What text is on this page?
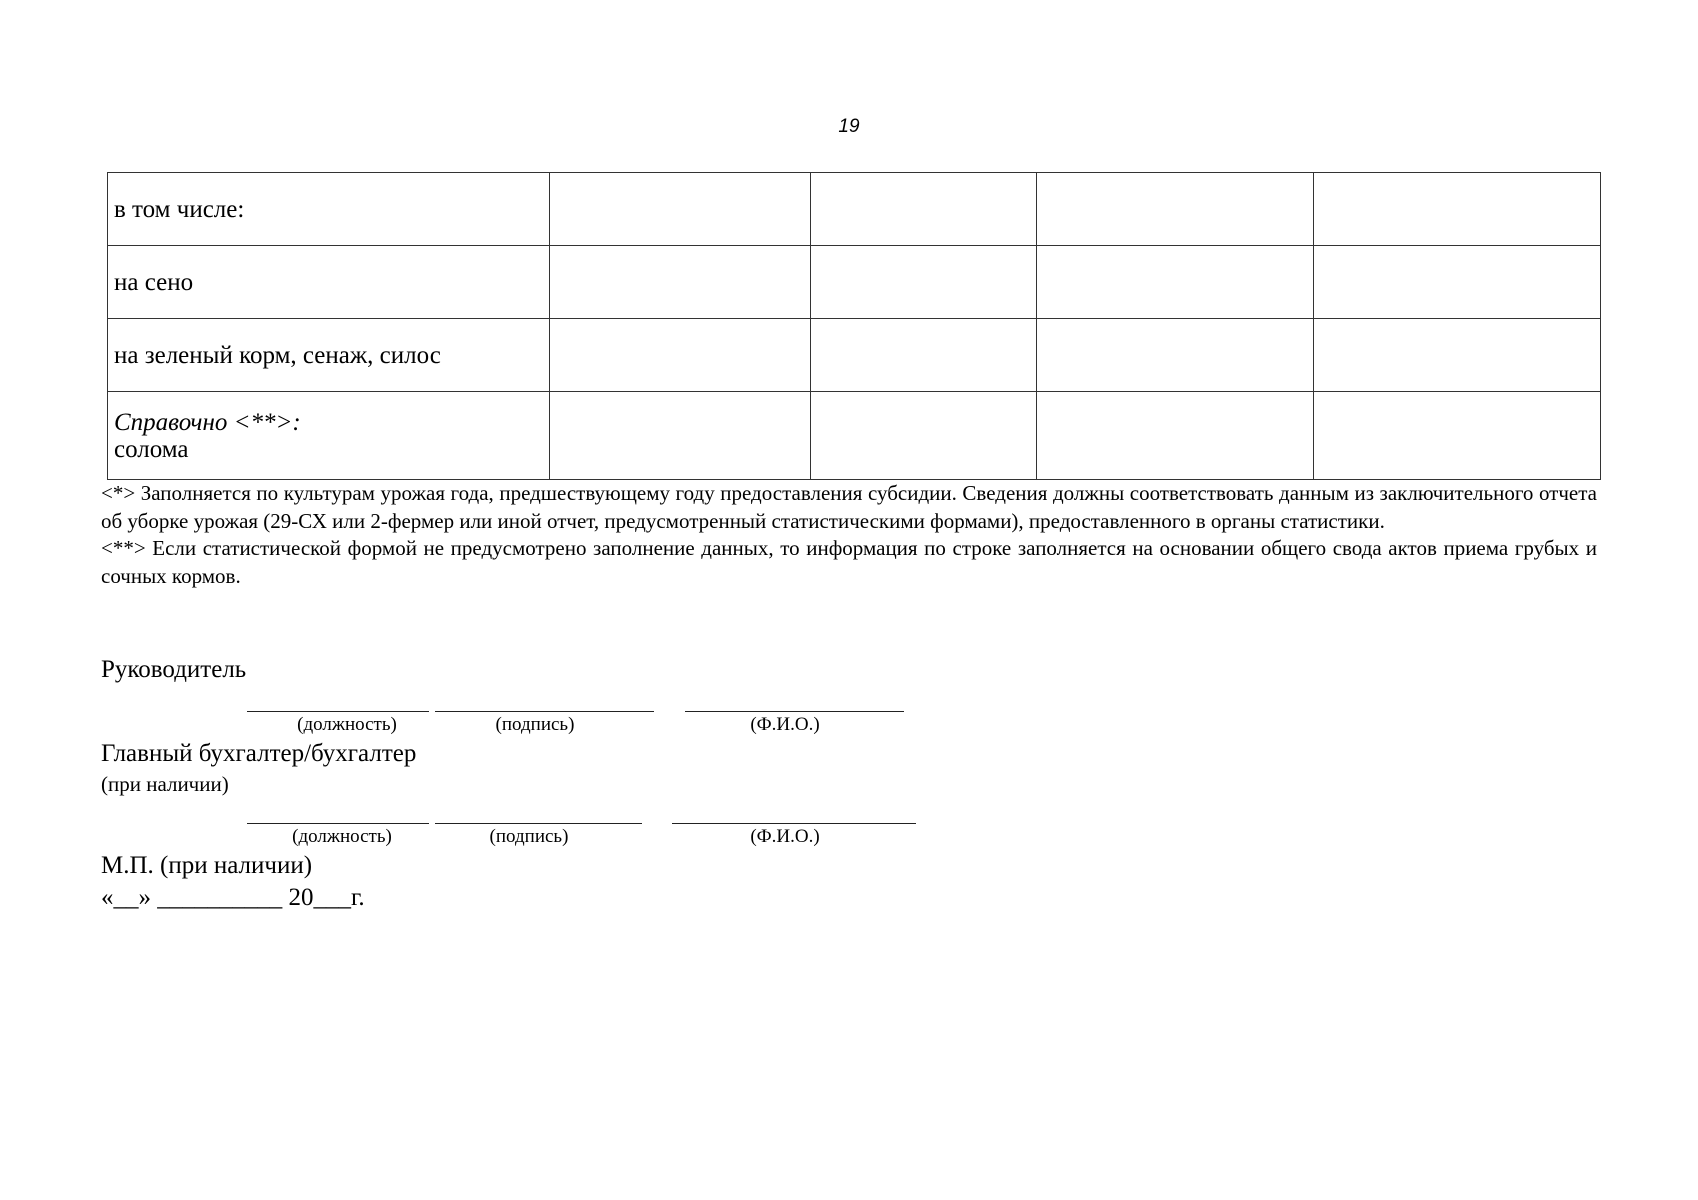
19
в том числе:				
на сено				
на зеленый корм, сенаж, силос				

Справочно <**>:
солома				

<*> Заполняется по культурам урожая года, предшествующему году предоставления субсидии. Сведения должны соответствовать данным из заключительного отчета об уборке урожая (29-СХ или 2-фермер или иной отчет, предусмотренный статистическими формами), предоставленного в органы статистики.

<**> Если статистической формой не предусмотрено заполнение данных, то информация по строке заполняется на основании общего свода актов приема грубых и сочных кормов.

Руководитель
(должность)	(подпись)	(Ф.И.О.)
Главный бухгалтер/бухгалтер
(при наличии)
(должность)	(подпись)	(Ф.И.О.)
М.П. (при наличии)
«__» __________ 20___г.
